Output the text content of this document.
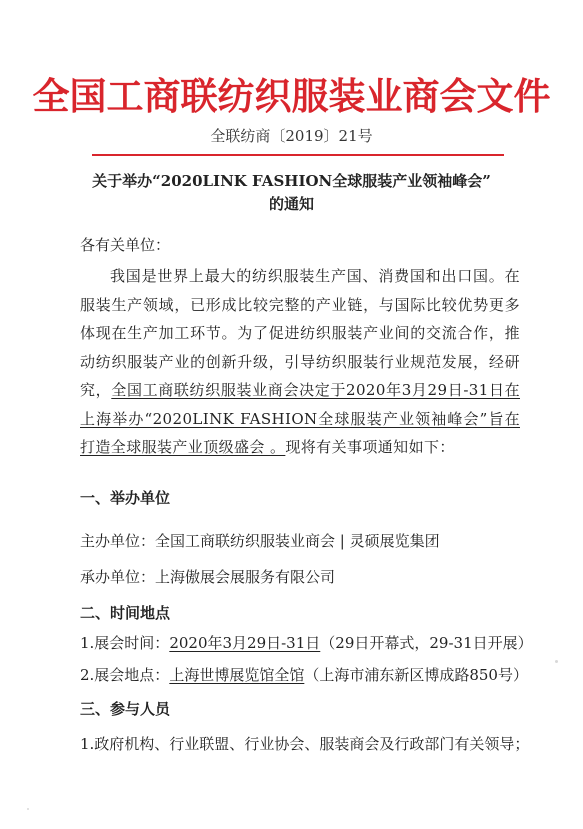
全国工商联纺织服装业商会文件
全联纺商〔2019〕21号
关于举办“2020LINK FASHION全球服装产业领袖峰会”
的通知
各有关单位：
我国是世界上最大的纺织服装生产国、消费国和出口国。在服装生产领域，已形成比较完整的产业链，与国际比较优势更多体现在生产加工环节。为了促进纺织服装产业间的交流合作，推动纺织服装产业的创新升级，引导纺织服装行业规范发展，经研究，全国工商联纺织服装业商会决定于2020年3月29日-31日在上海举办“2020LINK FASHION全球服装产业领袖峰会”旨在打造全球服装产业顶级盛会 。现将有关事项通知如下：
一、举办单位
主办单位：全国工商联纺织服装业商会 | 灵硕展览集团
承办单位：上海傲展会展服务有限公司
二、时间地点
1.展会时间：2020年3月29日-31日（29日开幕式，29-31日开展）
2.展会地点：上海世博展览馆全馆（上海市浦东新区博成路850号）
三、参与人员
1.政府机构、行业联盟、行业协会、服装商会及行政部门有关领导；
